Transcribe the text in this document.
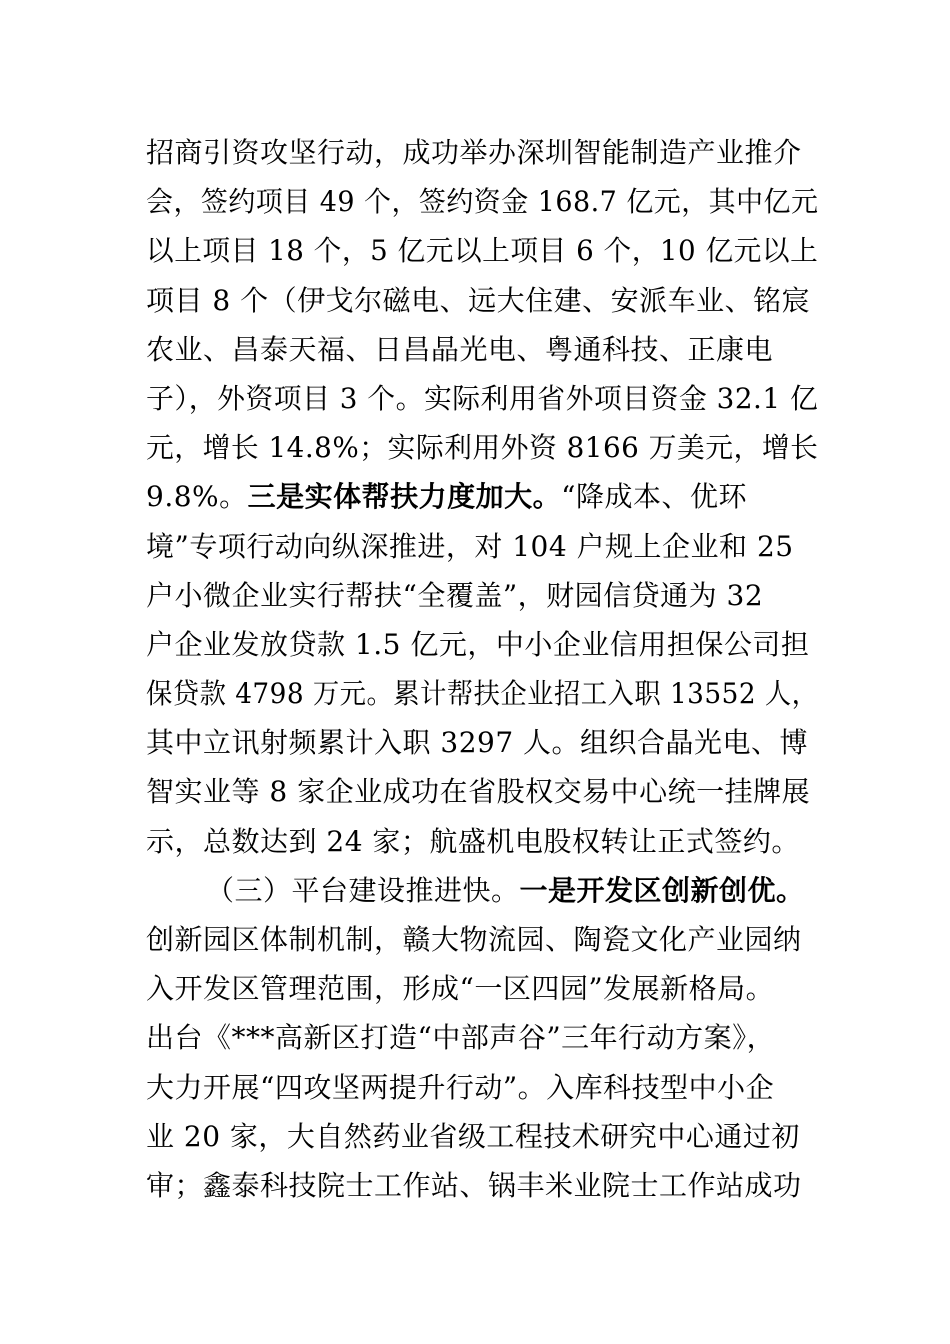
招商引资攻坚行动，成功举办深圳智能制造产业推介
会，签约项目 49 个，签约资金 168.7 亿元，其中亿元
以上项目 18 个，5 亿元以上项目 6 个，10 亿元以上
项目 8 个（伊戈尔磁电、远大住建、安派车业、铭宸
农业、昌泰天福、日昌晶光电、粤通科技、正康电
子），外资项目 3 个。实际利用省外项目资金 32.1 亿
元，增长 14.8%；实际利用外资 8166 万美元，增长
9.8%。三是实体帮扶力度加大。“降成本、优环
境”专项行动向纵深推进，对 104 户规上企业和 25
户小微企业实行帮扶“全覆盖”，财园信贷通为 32
户企业发放贷款 1.5 亿元，中小企业信用担保公司担
保贷款 4798 万元。累计帮扶企业招工入职 13552 人，
其中立讯射频累计入职 3297 人。组织合晶光电、博
智实业等 8 家企业成功在省股权交易中心统一挂牌展
示，总数达到 24 家；航盛机电股权转让正式签约。
（三）平台建设推进快。一是开发区创新创优。
创新园区体制机制，赣大物流园、陶瓷文化产业园纳
入开发区管理范围，形成“一区四园”发展新格局。
出台《***高新区打造“中部声谷”三年行动方案》，
大力开展“四攻坚两提升行动”。入库科技型中小企
业 20 家，大自然药业省级工程技术研究中心通过初
审；鑫泰科技院士工作站、锅丰米业院士工作站成功
